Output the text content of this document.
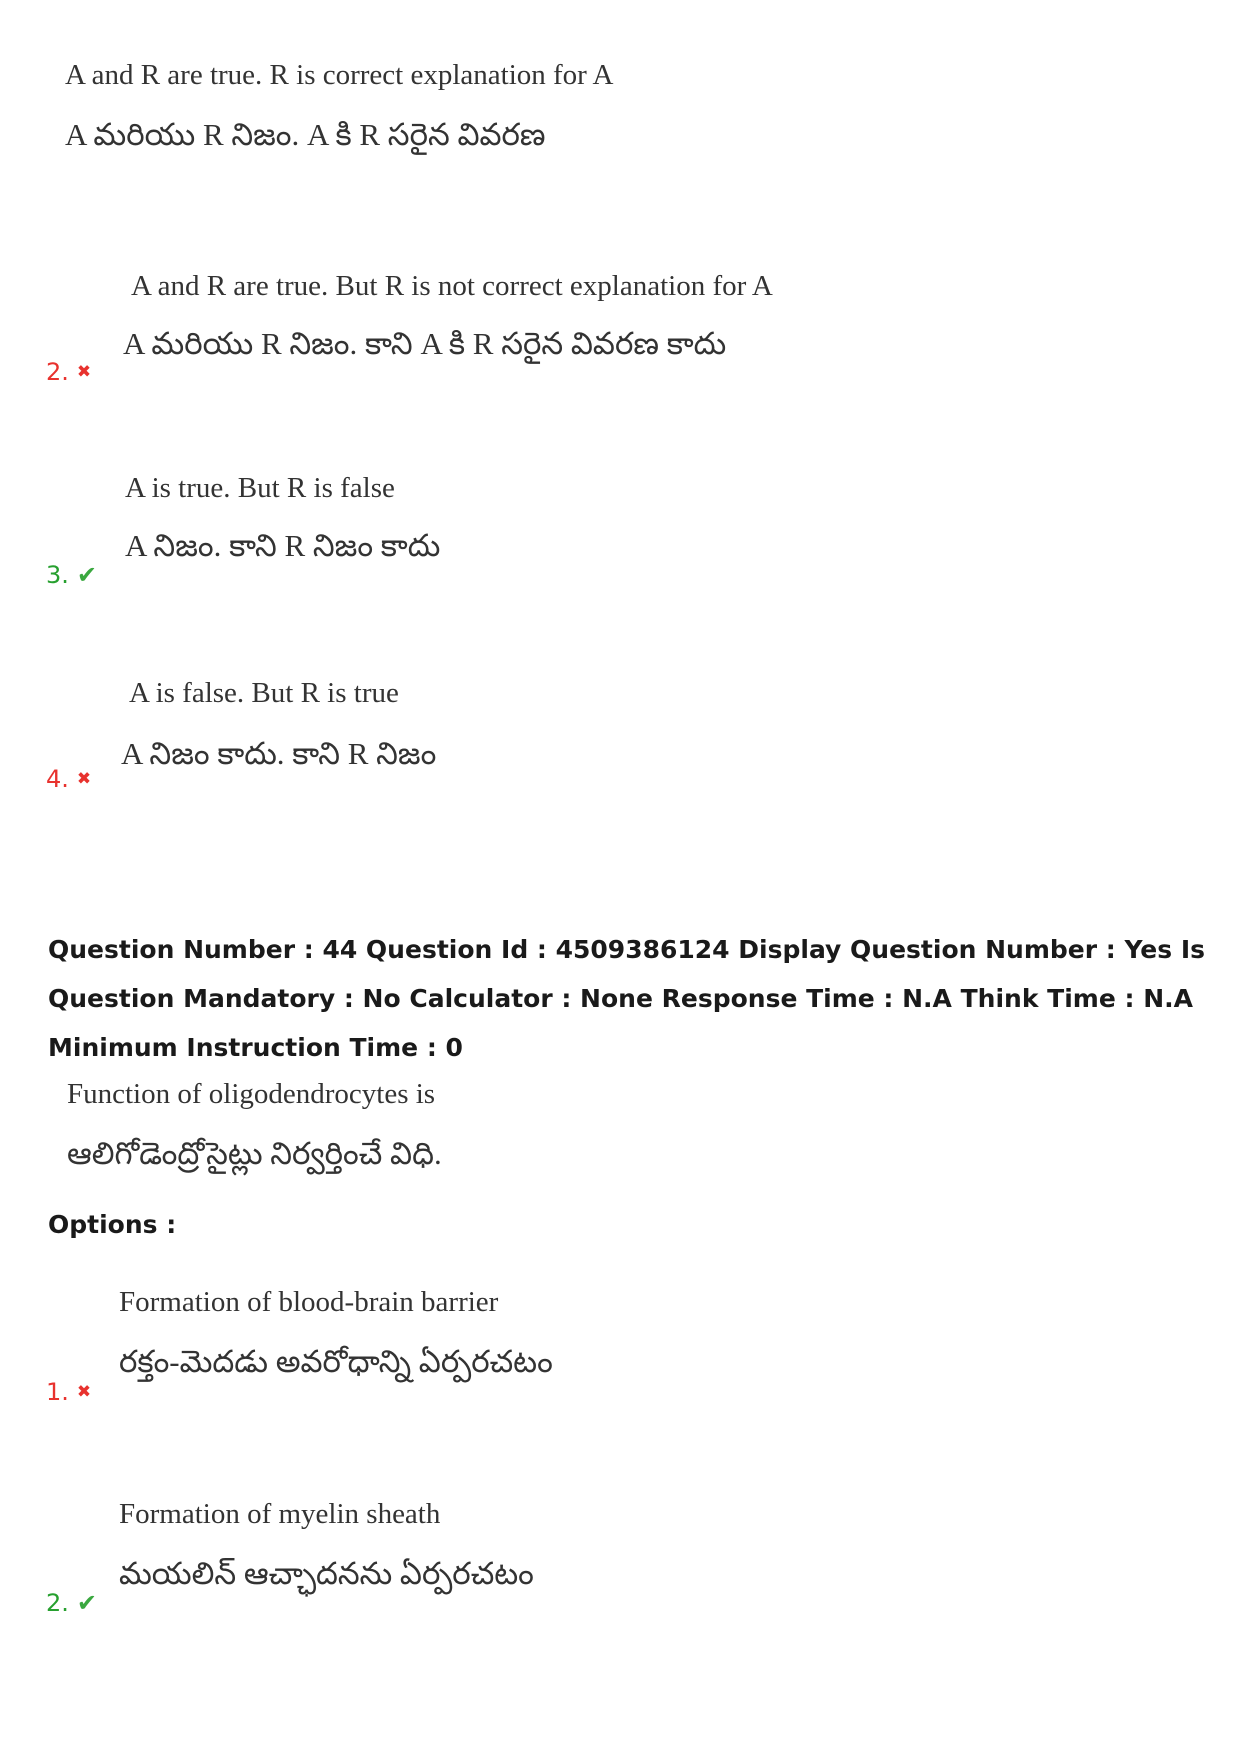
A and R are true. R is correct explanation for A
A మరియు R నిజం. A కి R సరైన వివరణ
A and R are true. But R is not correct explanation for A
A మరియు R నిజం. కాని A కి R సరైన వివరణ కాదు
2. ✖
A is true. But R is false
A నిజం. కాని R నిజం కాదు
3. ✔
A is false. But R is true
A నిజం కాదు. కాని R నిజం
4. ✖

Question Number : 44 Question Id : 4509386124 Display Question Number : Yes Is Question Mandatory : No Calculator : None Response Time : N.A Think Time : N.A Minimum Instruction Time : 0

Function of oligodendrocytes is
ఆలిగోడెంద్రోసైట్లు నిర్వర్తించే విధి.
Options :
Formation of blood-brain barrier
రక్తం-మెదడు అవరోధాన్ని ఏర్పరచటం
1. ✖
Formation of myelin sheath
మయలిన్ ఆచ్ఛాదనను ఏర్పరచటం
2. ✔
